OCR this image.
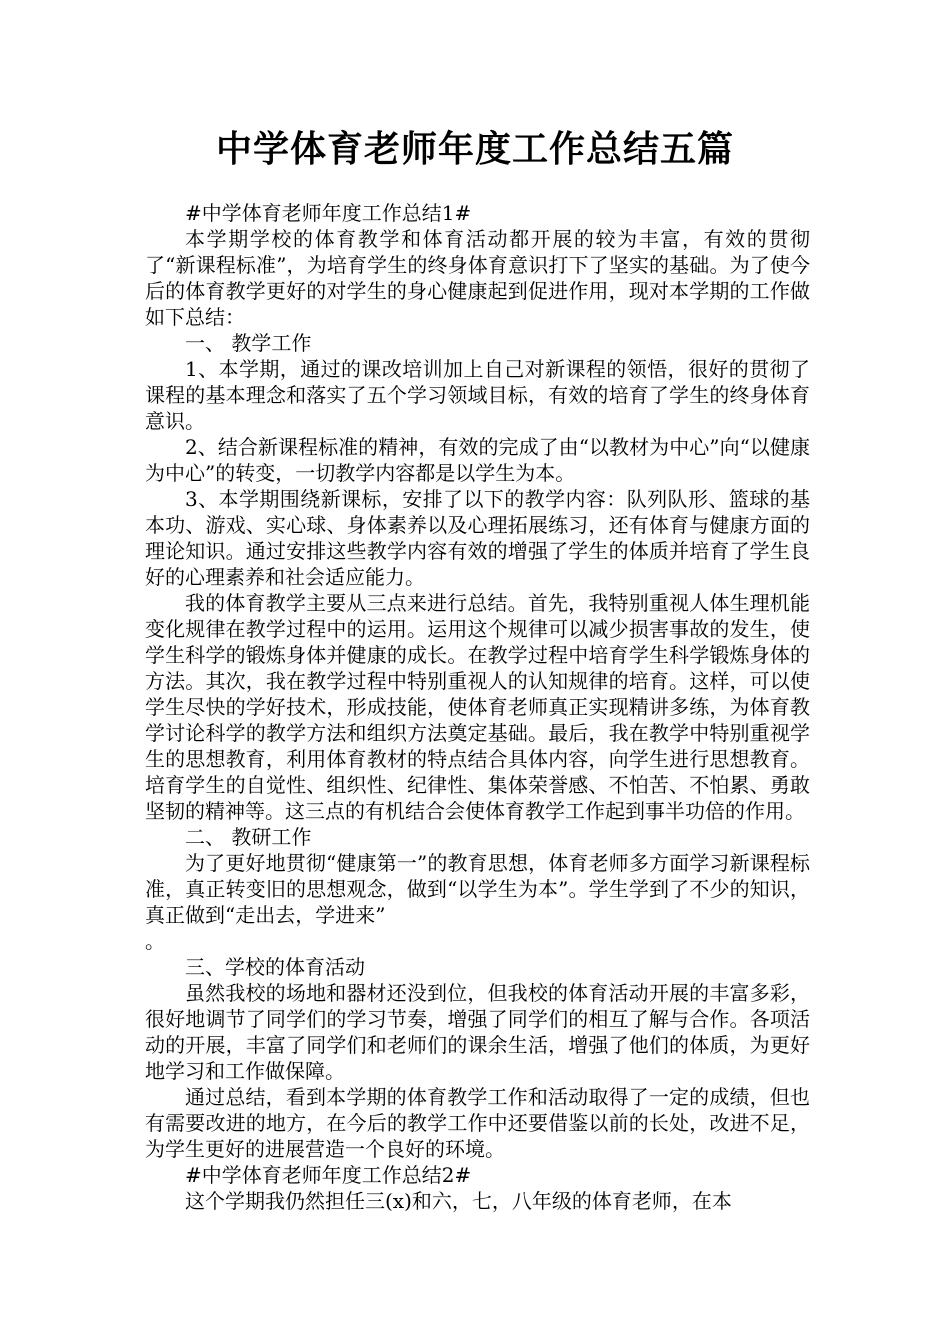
中学体育老师年度工作总结五篇

#中学体育老师年度工作总结1#

本学期学校的体育教学和体育活动都开展的较为丰富，有效的贯彻了“新课程标准”，为培育学生的终身体育意识打下了坚实的基础。为了使今后的体育教学更好的对学生的身心健康起到促进作用，现对本学期的工作做如下总结：

一、 教学工作

1、本学期，通过的课改培训加上自己对新课程的领悟，很好的贯彻了课程的基本理念和落实了五个学习领域目标，有效的培育了学生的终身体育意识。

2、结合新课程标准的精神，有效的完成了由“以教材为中心”向“以健康为中心”的转变，一切教学内容都是以学生为本。

3、本学期围绕新课标，安排了以下的教学内容：队列队形、篮球的基本功、游戏、实心球、身体素养以及心理拓展练习，还有体育与健康方面的理论知识。通过安排这些教学内容有效的增强了学生的体质并培育了学生良好的心理素养和社会适应能力。

我的体育教学主要从三点来进行总结。首先，我特别重视人体生理机能变化规律在教学过程中的运用。运用这个规律可以减少损害事故的发生，使学生科学的锻炼身体并健康的成长。在教学过程中培育学生科学锻炼身体的方法。其次，我在教学过程中特别重视人的认知规律的培育。这样，可以使学生尽快的学好技术，形成技能，使体育老师真正实现精讲多练，为体育教学讨论科学的教学方法和组织方法奠定基础。最后，我在教学中特别重视学生的思想教育，利用体育教材的特点结合具体内容，向学生进行思想教育。培育学生的自觉性、组织性、纪律性、集体荣誉感、不怕苦、不怕累、勇敢坚韧的精神等。这三点的有机结合会使体育教学工作起到事半功倍的作用。

二、 教研工作

为了更好地贯彻“健康第一”的教育思想，体育老师多方面学习新课程标准，真正转变旧的思想观念，做到“以学生为本”。学生学到了不少的知识，真正做到“走出去，学进来”

。

三、学校的体育活动

虽然我校的场地和器材还没到位，但我校的体育活动开展的丰富多彩，很好地调节了同学们的学习节奏，增强了同学们的相互了解与合作。各项活动的开展，丰富了同学们和老师们的课余生活，增强了他们的体质，为更好地学习和工作做保障。

通过总结，看到本学期的体育教学工作和活动取得了一定的成绩，但也有需要改进的地方，在今后的教学工作中还要借鉴以前的长处，改进不足，为学生更好的进展营造一个良好的环境。

#中学体育老师年度工作总结2#

这个学期我仍然担任三(x)和六，七，八年级的体育老师，在本
